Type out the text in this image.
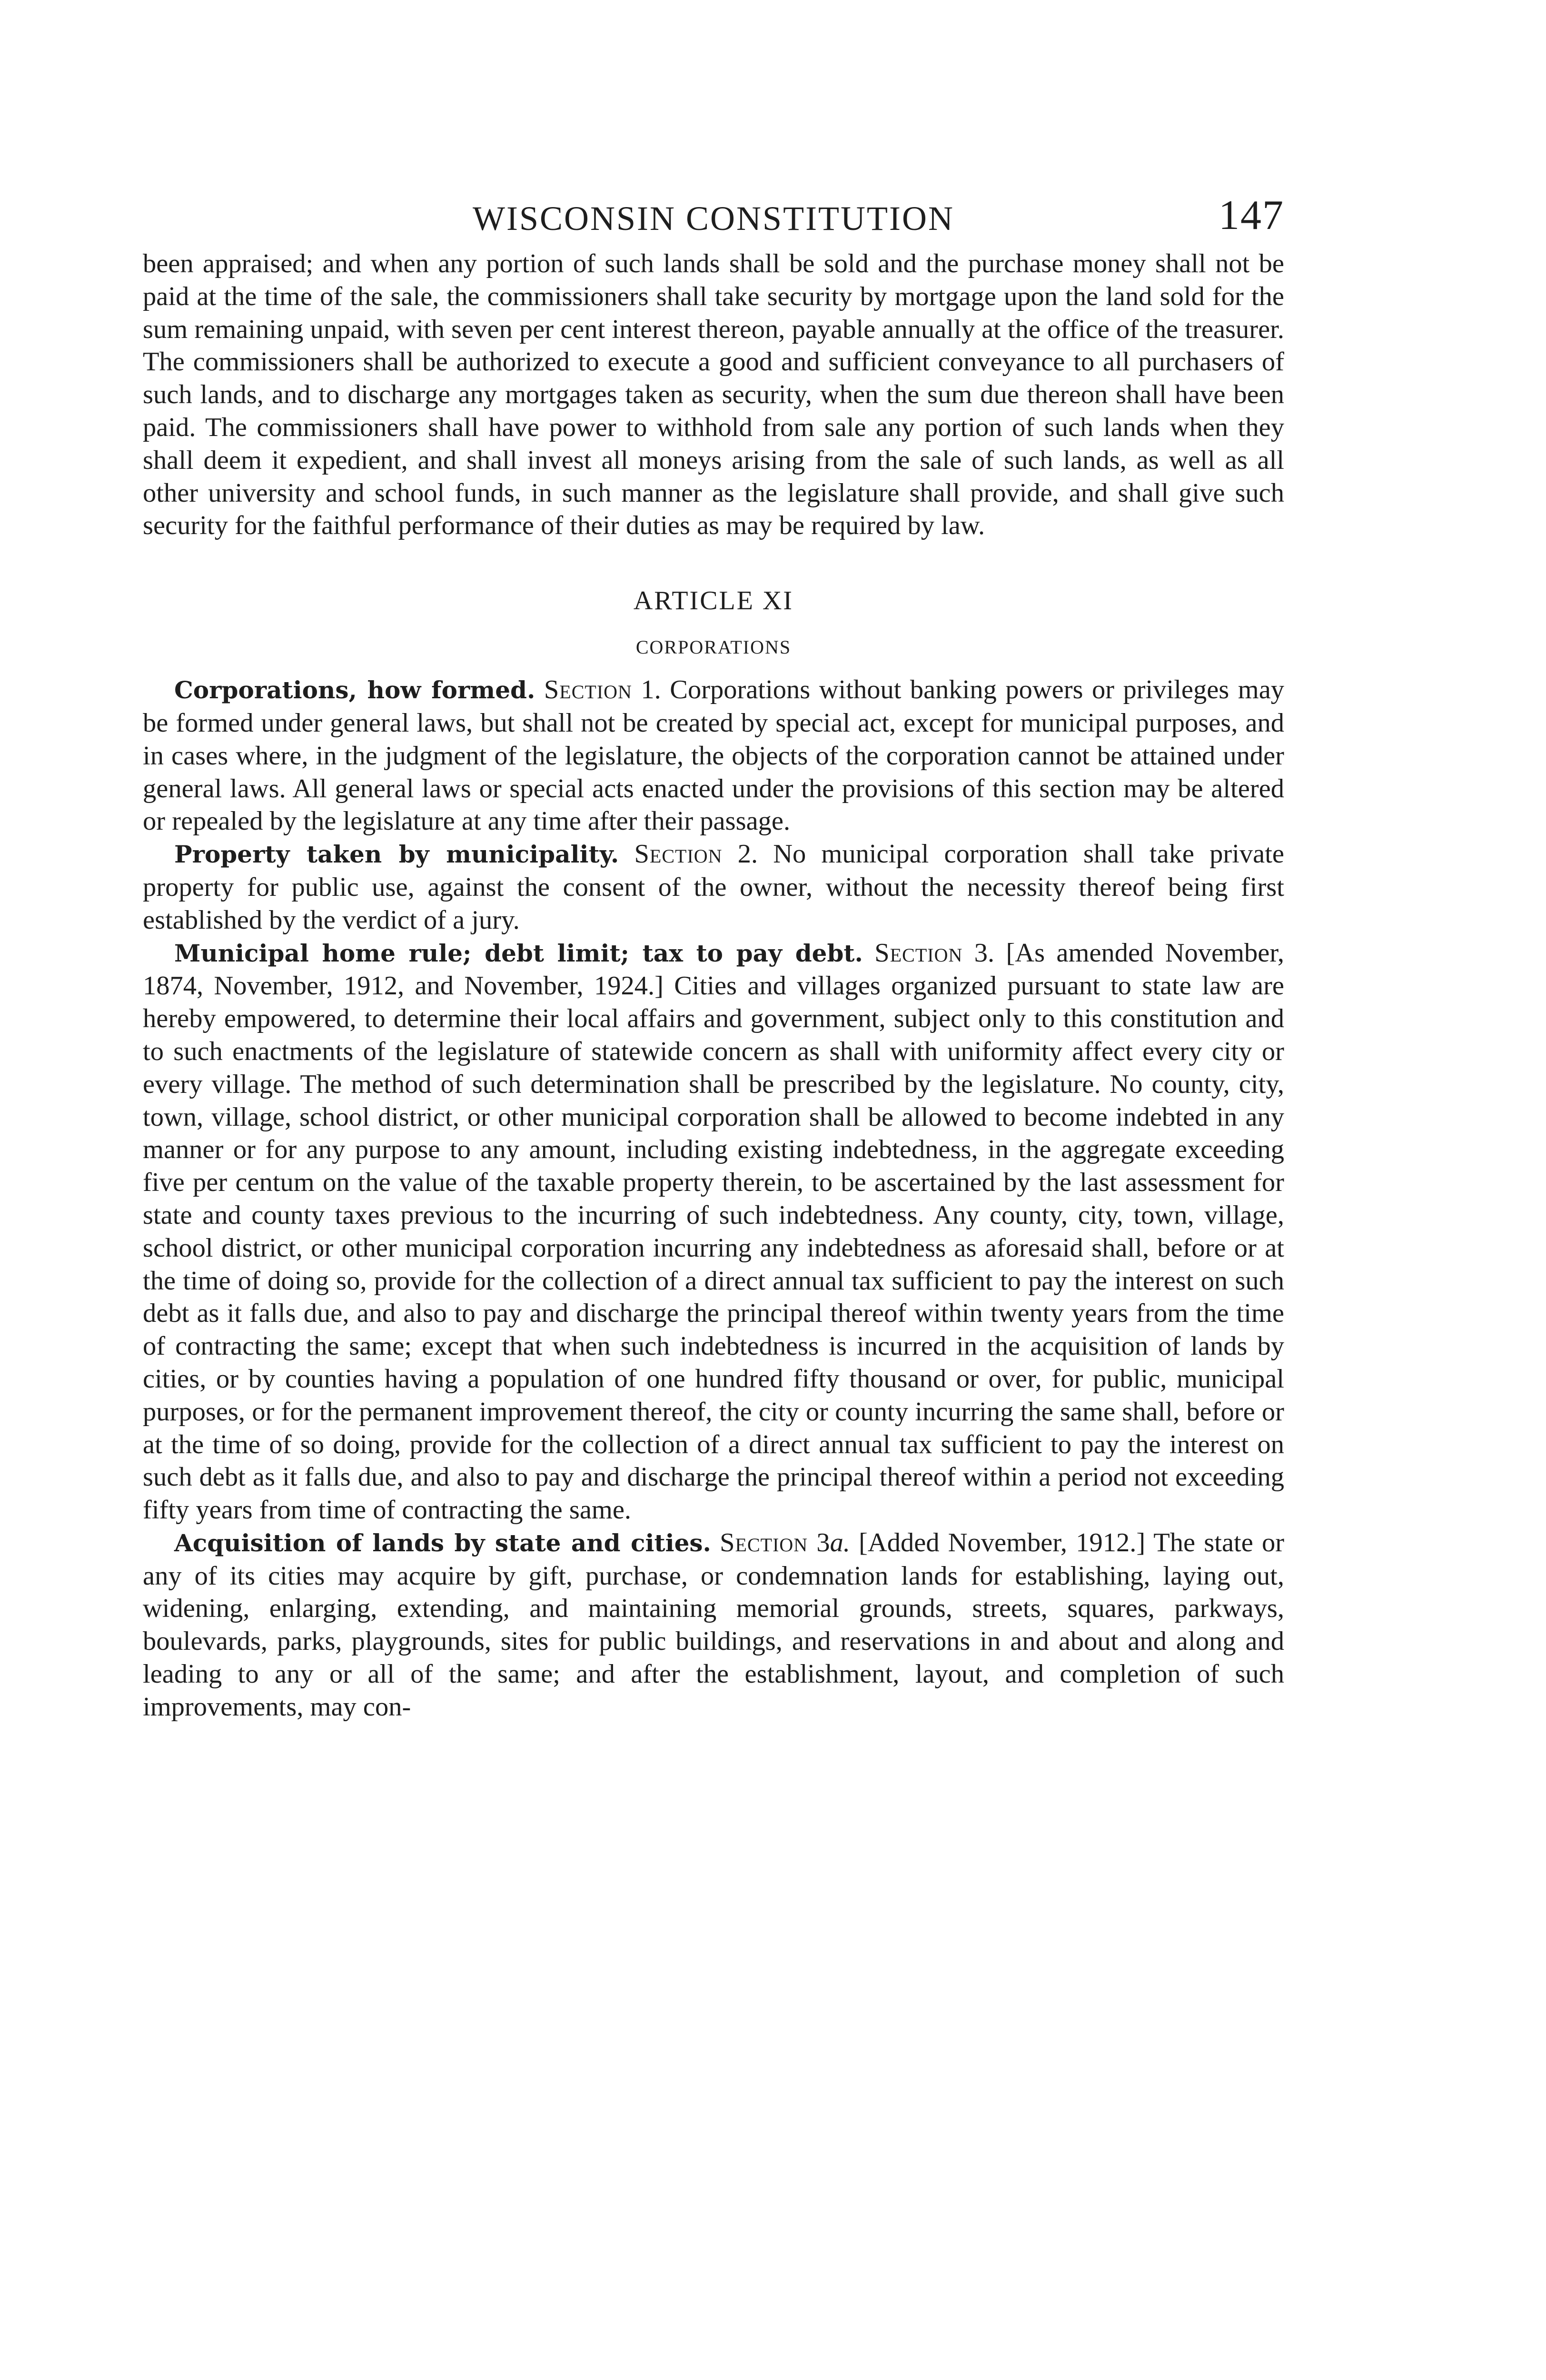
WISCONSIN CONSTITUTION	147

been appraised; and when any portion of such lands shall be sold and the purchase money shall not be paid at the time of the sale, the commissioners shall take security by mortgage upon the land sold for the sum remaining unpaid, with seven per cent interest thereon, payable annually at the office of the treasurer. The commissioners shall be authorized to execute a good and sufficient conveyance to all purchasers of such lands, and to discharge any mortgages taken as security, when the sum due thereon shall have been paid. The commissioners shall have power to withhold from sale any portion of such lands when they shall deem it expedient, and shall invest all moneys arising from the sale of such lands, as well as all other university and school funds, in such manner as the legislature shall provide, and shall give such security for the faithful performance of their duties as may be required by law.

ARTICLE XI
CORPORATIONS

Corporations, how formed. Section 1. Corporations without banking powers or privileges may be formed under general laws, but shall not be created by special act, except for municipal purposes, and in cases where, in the judgment of the legislature, the objects of the corporation cannot be attained under general laws. All general laws or special acts enacted under the provisions of this section may be altered or repealed by the legislature at any time after their passage.

Property taken by municipality. Section 2. No municipal corporation shall take private property for public use, against the consent of the owner, without the necessity thereof being first established by the verdict of a jury.

Municipal home rule; debt limit; tax to pay debt. Section 3. [As amended November, 1874, November, 1912, and November, 1924.] Cities and villages organized pursuant to state law are hereby empowered, to determine their local affairs and government, subject only to this constitution and to such enactments of the legislature of statewide concern as shall with uniformity affect every city or every village. The method of such determination shall be prescribed by the legislature. No county, city, town, village, school district, or other municipal corporation shall be allowed to become indebted in any manner or for any purpose to any amount, including existing indebtedness, in the aggregate exceeding five per centum on the value of the taxable property therein, to be ascertained by the last assessment for state and county taxes previous to the incurring of such indebtedness. Any county, city, town, village, school district, or other municipal corporation incurring any indebtedness as aforesaid shall, before or at the time of doing so, provide for the collection of a direct annual tax sufficient to pay the interest on such debt as it falls due, and also to pay and discharge the principal thereof within twenty years from the time of contracting the same; except that when such indebtedness is incurred in the acquisition of lands by cities, or by counties having a population of one hundred fifty thousand or over, for public, municipal purposes, or for the permanent improvement thereof, the city or county incurring the same shall, before or at the time of so doing, provide for the collection of a direct annual tax sufficient to pay the interest on such debt as it falls due, and also to pay and discharge the principal thereof within a period not exceeding fifty years from time of contracting the same.

Acquisition of lands by state and cities. Section 3a. [Added November, 1912.] The state or any of its cities may acquire by gift, purchase, or condemnation lands for establishing, laying out, widening, enlarging, extending, and maintaining memorial grounds, streets, squares, parkways, boulevards, parks, playgrounds, sites for public buildings, and reservations in and about and along and leading to any or all of the same; and after the establishment, layout, and completion of such improvements, may con-
